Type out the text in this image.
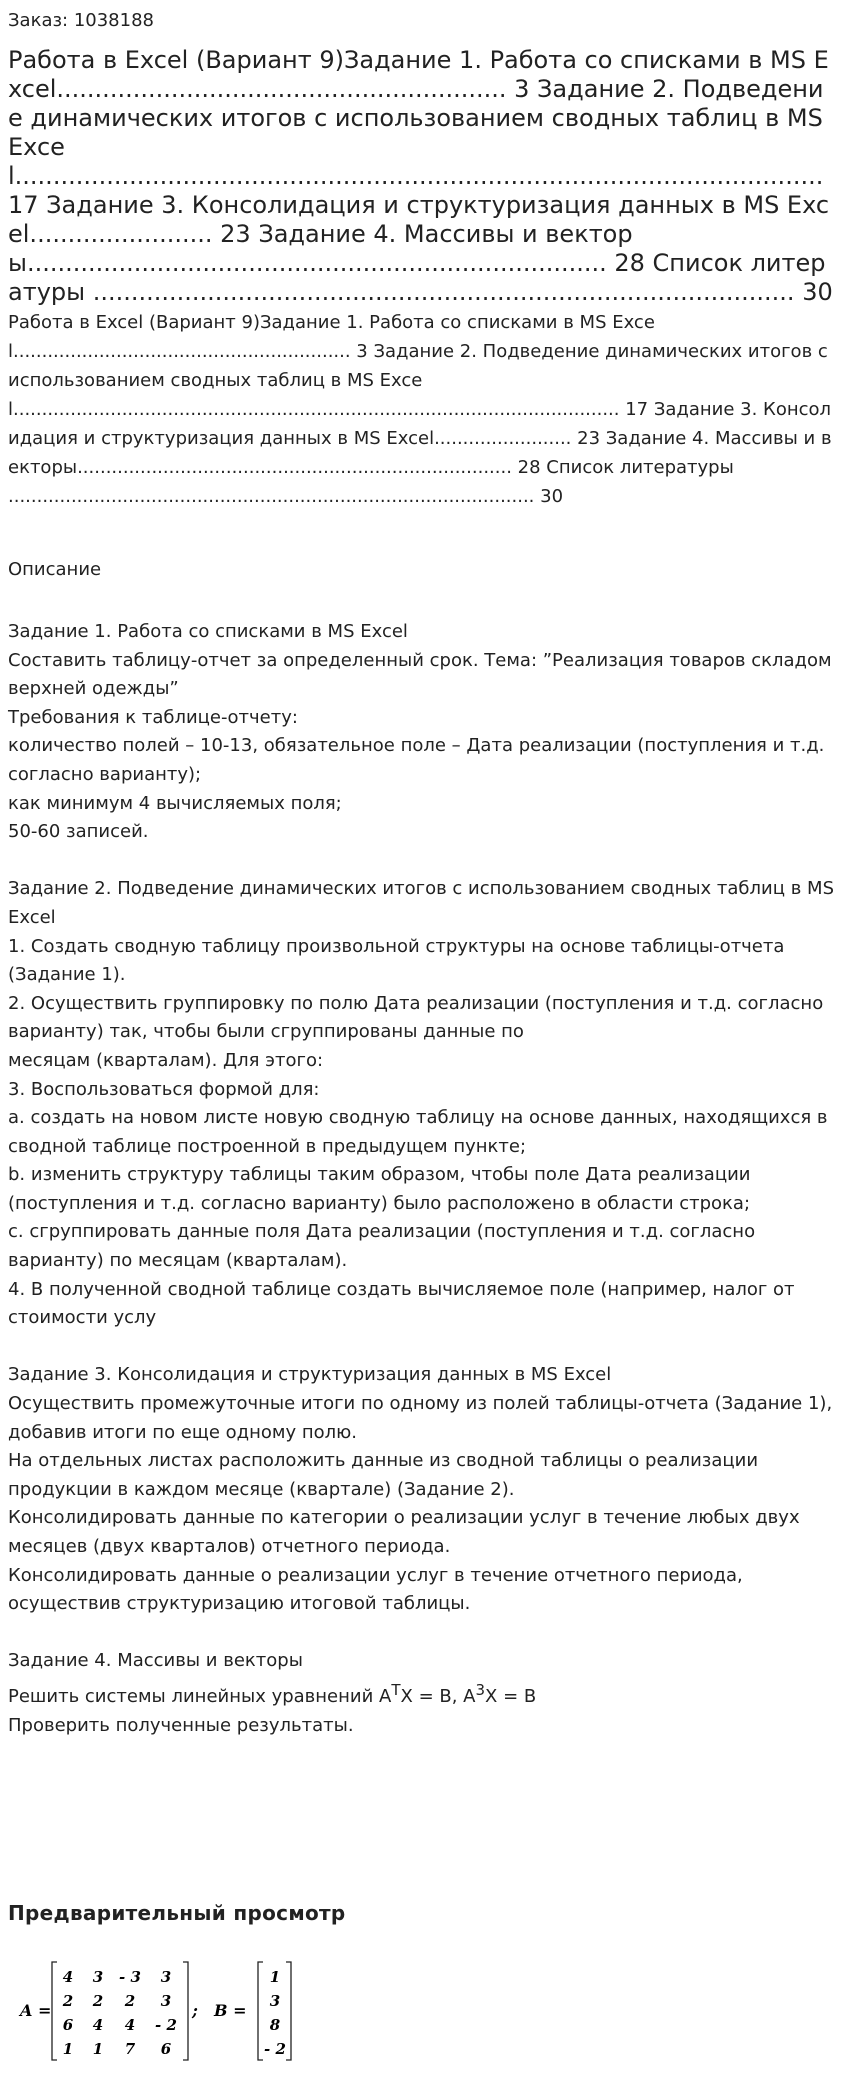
Заказ: 1038188
Работа в Excel (Вариант 9)Задание 1. Работа со списками в MS Excel........................................................... 3 Задание 2. Подведение динамических итогов с использованием сводных таблиц в MS Excel.......................................................................................................... 17 Задание 3. Консолидация и структуризация данных в MS Excel........................ 23 Задание 4. Массивы и векторы............................................................................ 28 Список литературы ............................................................................................ 30
Работа в Excel (Вариант 9)Задание 1. Работа со списками в MS Excel........................................................... 3 Задание 2. Подведение динамических итогов с использованием сводных таблиц в MS Excel.......................................................................................................... 17 Задание 3. Консолидация и структуризация данных в MS Excel........................ 23 Задание 4. Массивы и векторы............................................................................ 28 Список литературы ............................................................................................ 30
Описание

Задание 1. Работа со списками в MS Excel

Составить таблицу-отчет за определенный срок. Тема: ”Реализация товаров складом верхней одежды”

Требования к таблице-отчету:

количество полей – 10-13, обязательное поле – Дата реализации (поступления и т.д. согласно варианту);

как минимум 4 вычисляемых поля;

50-60 записей.

Задание 2. Подведение динамических итогов с использованием сводных таблиц в MS Excel

1. Создать сводную таблицу произвольной структуры на основе таблицы-отчета (Задание 1).

2. Осуществить группировку по полю Дата реализации (поступления и т.д. согласно варианту) так, чтобы были сгруппированы данные по

месяцам (кварталам). Для этого:

3. Воспользоваться формой для:

a. создать на новом листе новую сводную таблицу на основе данных, находящихся в сводной таблице построенной в предыдущем пункте;

b. изменить структуру таблицы таким образом, чтобы поле Дата реализации (поступления и т.д. согласно варианту) было расположено в области строка;

c. сгруппировать данные поля Дата реализации (поступления и т.д. согласно варианту) по месяцам (кварталам).

4. В полученной сводной таблице создать вычисляемое поле (например, налог от стоимости услу

Задание 3. Консолидация и структуризация данных в MS Excel

Осуществить промежуточные итоги по одному из полей таблицы-отчета (Задание 1), добавив итоги по еще одному полю.

На отдельных листах расположить данные из сводной таблицы о реализации продукции в каждом месяце (квартале) (Задание 2).

Консолидировать данные по категории о реализации услуг в течение любых двух месяцев (двух кварталов) отчетного периода.

Консолидировать данные о реализации услуг в течение отчетного периода, осуществив структуризацию итоговой таблицы.

Задание 4. Массивы и векторы

Решить системы линейных уравнений $A^TX = B$, $A^3X = B$

Проверить полученные результаты.

Предварительный просмотр
A =
4 3 - 3 3
2 2 2 3
6 4 4 - 2
1 1 7 6
; B =
1
3
8
- 2
